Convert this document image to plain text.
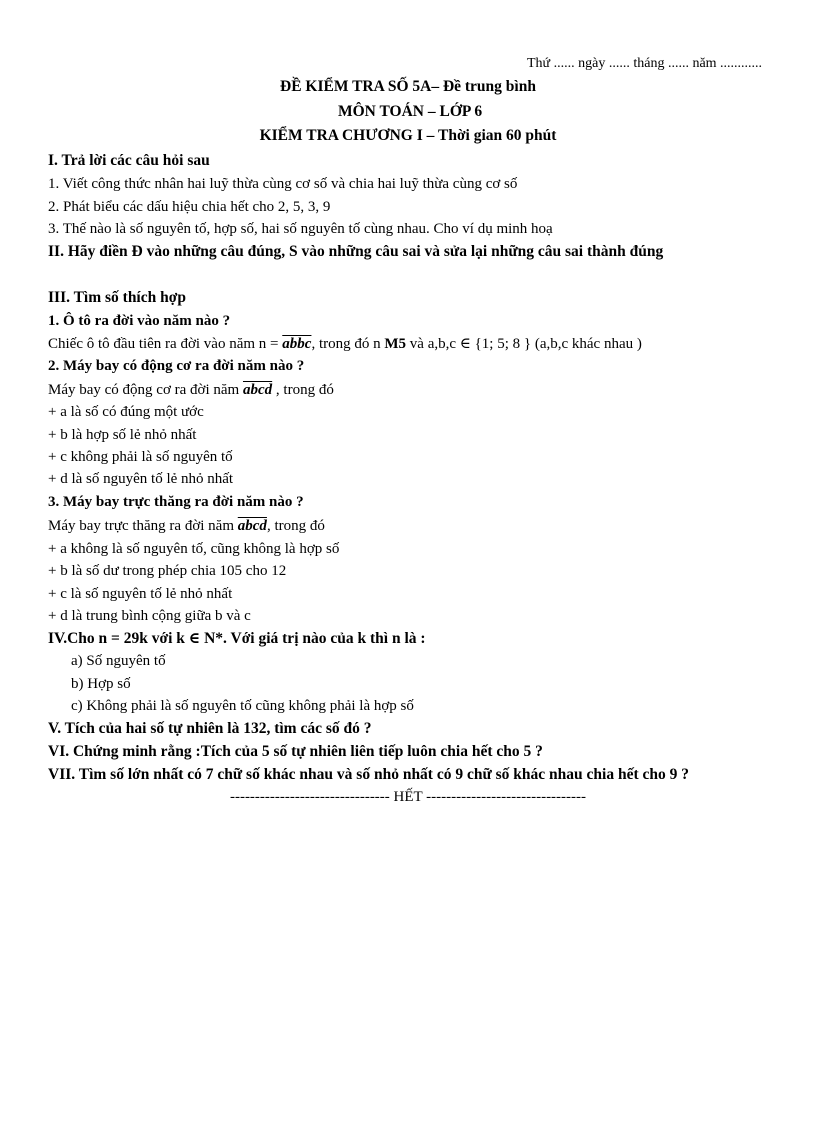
Thứ ...... ngày ...... tháng ...... năm ............
ĐỀ KIỂM TRA SỐ 5A– Đề trung bình
MÔN TOÁN – LỚP 6
KIỂM TRA CHƯƠNG I – Thời gian 60 phút
I. Trả lời các câu hỏi sau
1. Viết công thức nhân hai luỹ thừa cùng cơ số và chia hai luỹ thừa cùng cơ số
2. Phát biểu các dấu hiệu chia hết cho 2, 5, 3, 9
3. Thế nào là số nguyên tố, hợp số, hai số nguyên tố cùng nhau. Cho ví dụ minh hoạ
II. Hãy điền Đ vào những câu đúng, S vào những câu sai và sửa lại những câu sai thành đúng
III. Tìm số thích hợp
1. Ô tô ra đời vào năm nào ?
Chiếc ô tô đầu tiên ra đời vào năm n = abbc, trong đó n M5 và a,b,c ∈ {1; 5; 8 } (a,b,c khác nhau )
2. Máy bay có động cơ ra đời năm nào ?
Máy bay có động cơ ra đời năm abcd , trong đó
+ a là số có đúng một ước
+ b là hợp số lẻ nhỏ nhất
+ c không phải là số nguyên tố
+ d là số nguyên tố lẻ nhỏ nhất
3. Máy bay trực thăng ra đời năm nào ?
Máy bay trực thăng ra đời năm abcd, trong đó
+ a không là số nguyên tố, cũng không là hợp số
+ b là số dư trong phép chia 105 cho 12
+ c là số nguyên tố lẻ nhỏ nhất
+ d là trung bình cộng giữa b và c
IV.Cho n = 29k với k ∈ N*. Với giá trị nào của k thì n là :
a) Số nguyên tố
b) Hợp số
c) Không phải là số nguyên tố cũng không phải là hợp số
V. Tích của hai số tự nhiên là 132, tìm các số đó ?
VI. Chứng minh rằng :Tích của 5 số tự nhiên liên tiếp luôn chia hết cho 5 ?
VII. Tìm số lớn nhất có 7 chữ số khác nhau và số nhỏ nhất có 9 chữ số khác nhau chia hết cho 9 ?
-------------------------------- HẾT --------------------------------
